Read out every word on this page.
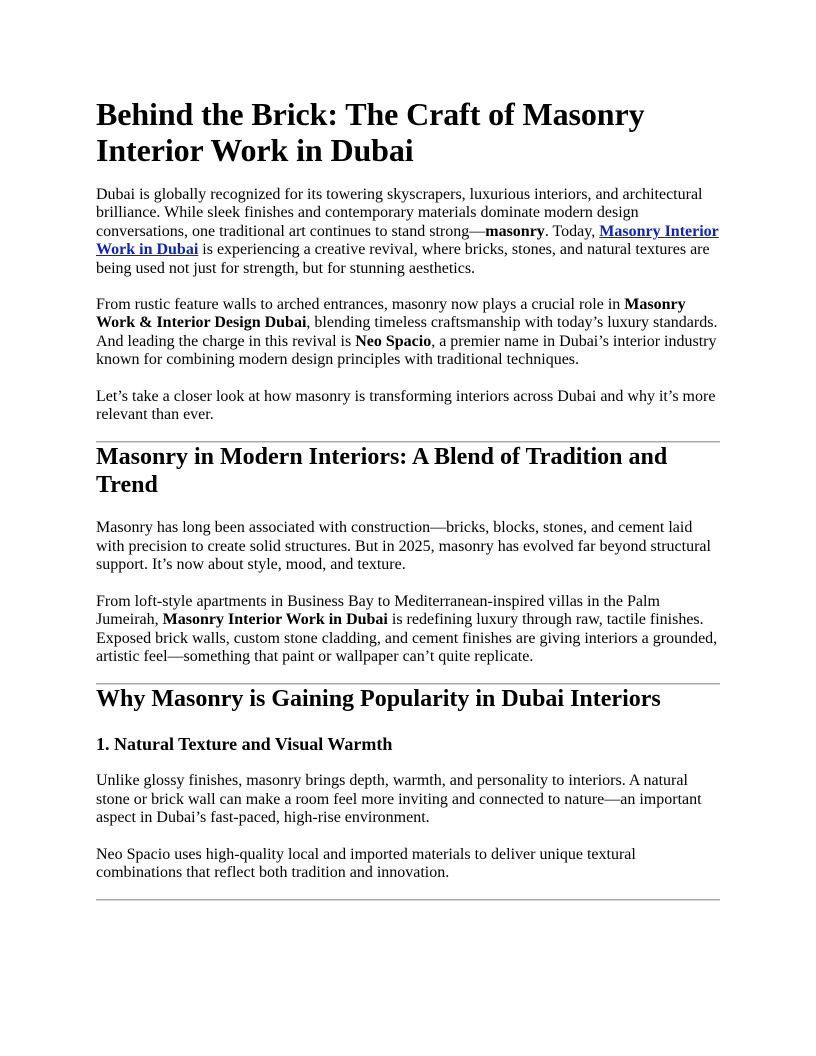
Behind the Brick: The Craft of Masonry Interior Work in Dubai

Dubai is globally recognized for its towering skyscrapers, luxurious interiors, and architectural brilliance. While sleek finishes and contemporary materials dominate modern design conversations, one traditional art continues to stand strong—masonry. Today, Masonry Interior Work in Dubai is experiencing a creative revival, where bricks, stones, and natural textures are being used not just for strength, but for stunning aesthetics.

From rustic feature walls to arched entrances, masonry now plays a crucial role in Masonry Work & Interior Design Dubai, blending timeless craftsmanship with today’s luxury standards. And leading the charge in this revival is Neo Spacio, a premier name in Dubai’s interior industry known for combining modern design principles with traditional techniques.

Let’s take a closer look at how masonry is transforming interiors across Dubai and why it’s more relevant than ever.

Masonry in Modern Interiors: A Blend of Tradition and Trend

Masonry has long been associated with construction—bricks, blocks, stones, and cement laid with precision to create solid structures. But in 2025, masonry has evolved far beyond structural support. It’s now about style, mood, and texture.

From loft-style apartments in Business Bay to Mediterranean-inspired villas in the Palm Jumeirah, Masonry Interior Work in Dubai is redefining luxury through raw, tactile finishes. Exposed brick walls, custom stone cladding, and cement finishes are giving interiors a grounded, artistic feel—something that paint or wallpaper can’t quite replicate.

Why Masonry is Gaining Popularity in Dubai Interiors
1. Natural Texture and Visual Warmth

Unlike glossy finishes, masonry brings depth, warmth, and personality to interiors. A natural stone or brick wall can make a room feel more inviting and connected to nature—an important aspect in Dubai’s fast-paced, high-rise environment.

Neo Spacio uses high-quality local and imported materials to deliver unique textural combinations that reflect both tradition and innovation.
